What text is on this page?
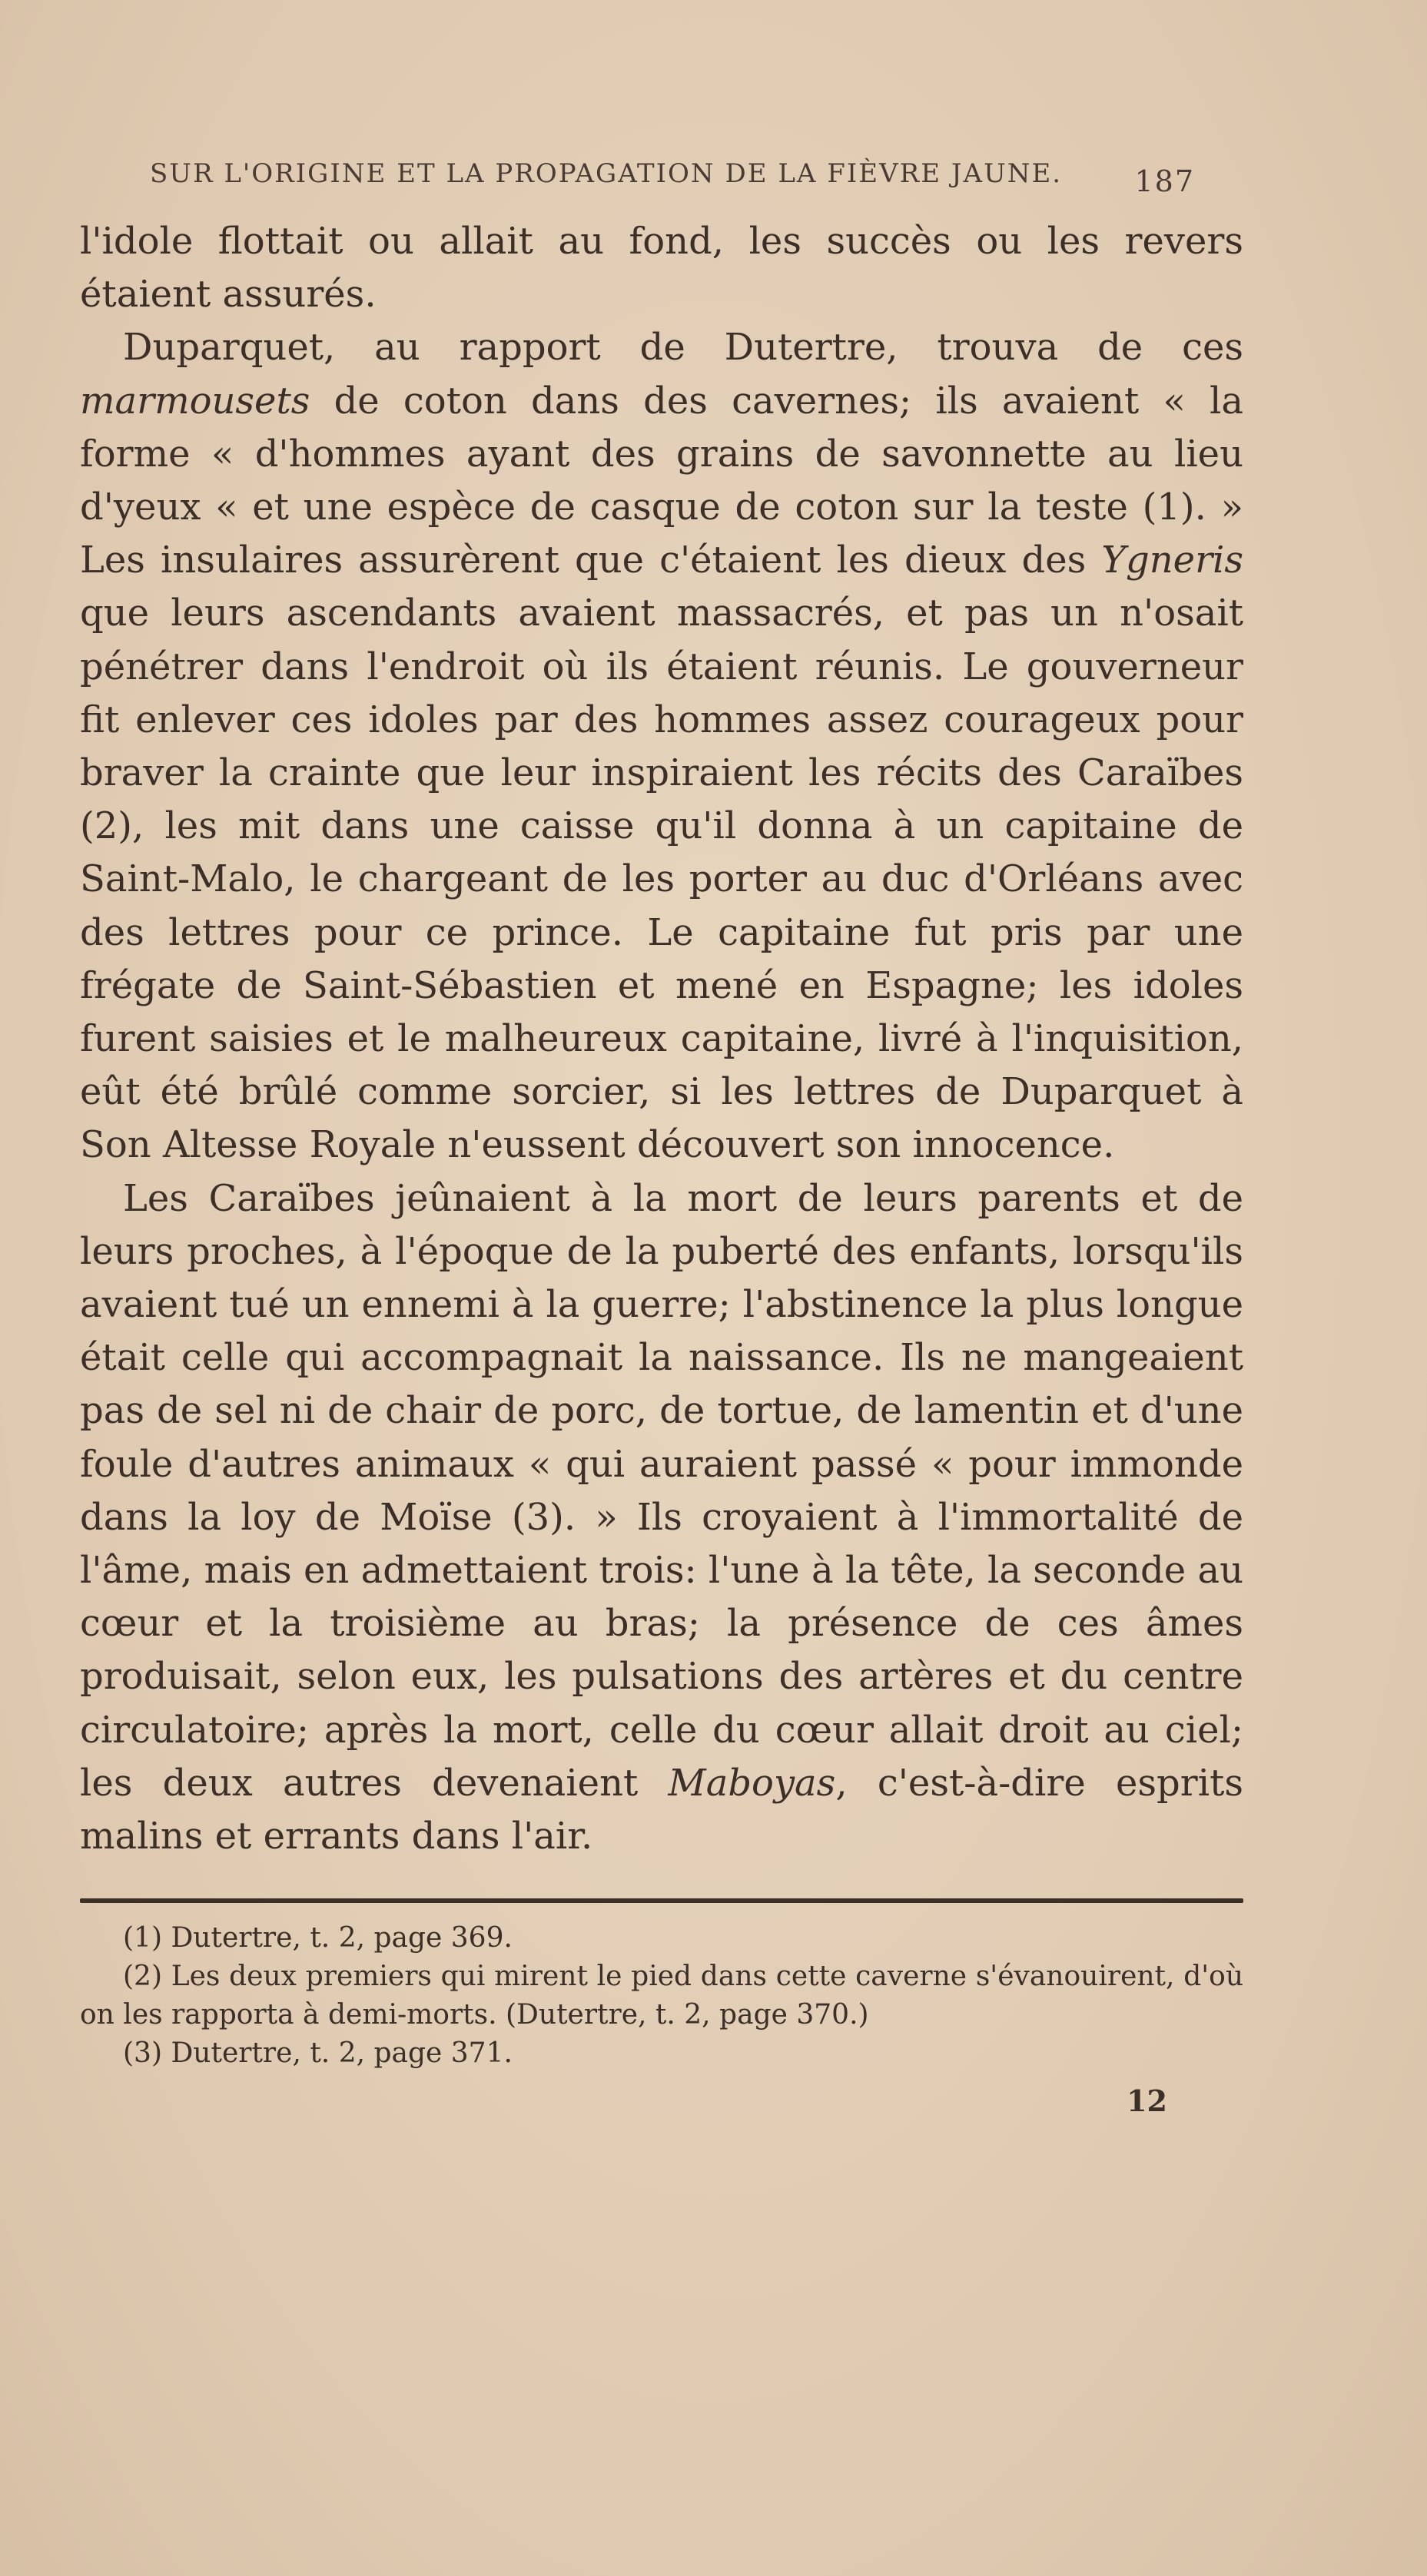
SUR L'ORIGINE ET LA PROPAGATION DE LA FIÈVRE JAUNE. 187

l'idole flottait ou allait au fond, les succès ou les revers étaient assurés.

Duparquet, au rapport de Dutertre, trouva de ces marmousets de coton dans des cavernes; ils avaient « la forme « d'hommes ayant des grains de savonnette au lieu d'yeux « et une espèce de casque de coton sur la teste (1). » Les insulaires assurèrent que c'étaient les dieux des Ygneris que leurs ascendants avaient massacrés, et pas un n'osait pénétrer dans l'endroit où ils étaient réunis. Le gouverneur fit enlever ces idoles par des hommes assez courageux pour braver la crainte que leur inspiraient les récits des Caraïbes (2), les mit dans une caisse qu'il donna à un capitaine de Saint-Malo, le chargeant de les porter au duc d'Orléans avec des lettres pour ce prince. Le capitaine fut pris par une frégate de Saint-Sébastien et mené en Espagne; les idoles furent saisies et le malheureux capitaine, livré à l'inquisition, eût été brûlé comme sorcier, si les lettres de Duparquet à Son Altesse Royale n'eussent découvert son innocence.

Les Caraïbes jeûnaient à la mort de leurs parents et de leurs proches, à l'époque de la puberté des enfants, lorsqu'ils avaient tué un ennemi à la guerre; l'abstinence la plus longue était celle qui accompagnait la naissance. Ils ne mangeaient pas de sel ni de chair de porc, de tortue, de lamentin et d'une foule d'autres animaux « qui auraient passé « pour immonde dans la loy de Moïse (3). » Ils croyaient à l'immortalité de l'âme, mais en admettaient trois: l'une à la tête, la seconde au cœur et la troisième au bras; la présence de ces âmes produisait, selon eux, les pulsations des artères et du centre circulatoire; après la mort, celle du cœur allait droit au ciel; les deux autres devenaient Maboyas, c'est-à-dire esprits malins et errants dans l'air.

(1) Dutertre, t. 2, page 369.

(2) Les deux premiers qui mirent le pied dans cette caverne s'évanouirent, d'où on les rapporta à demi-morts. (Dutertre, t. 2, page 370.)

(3) Dutertre, t. 2, page 371.

12
